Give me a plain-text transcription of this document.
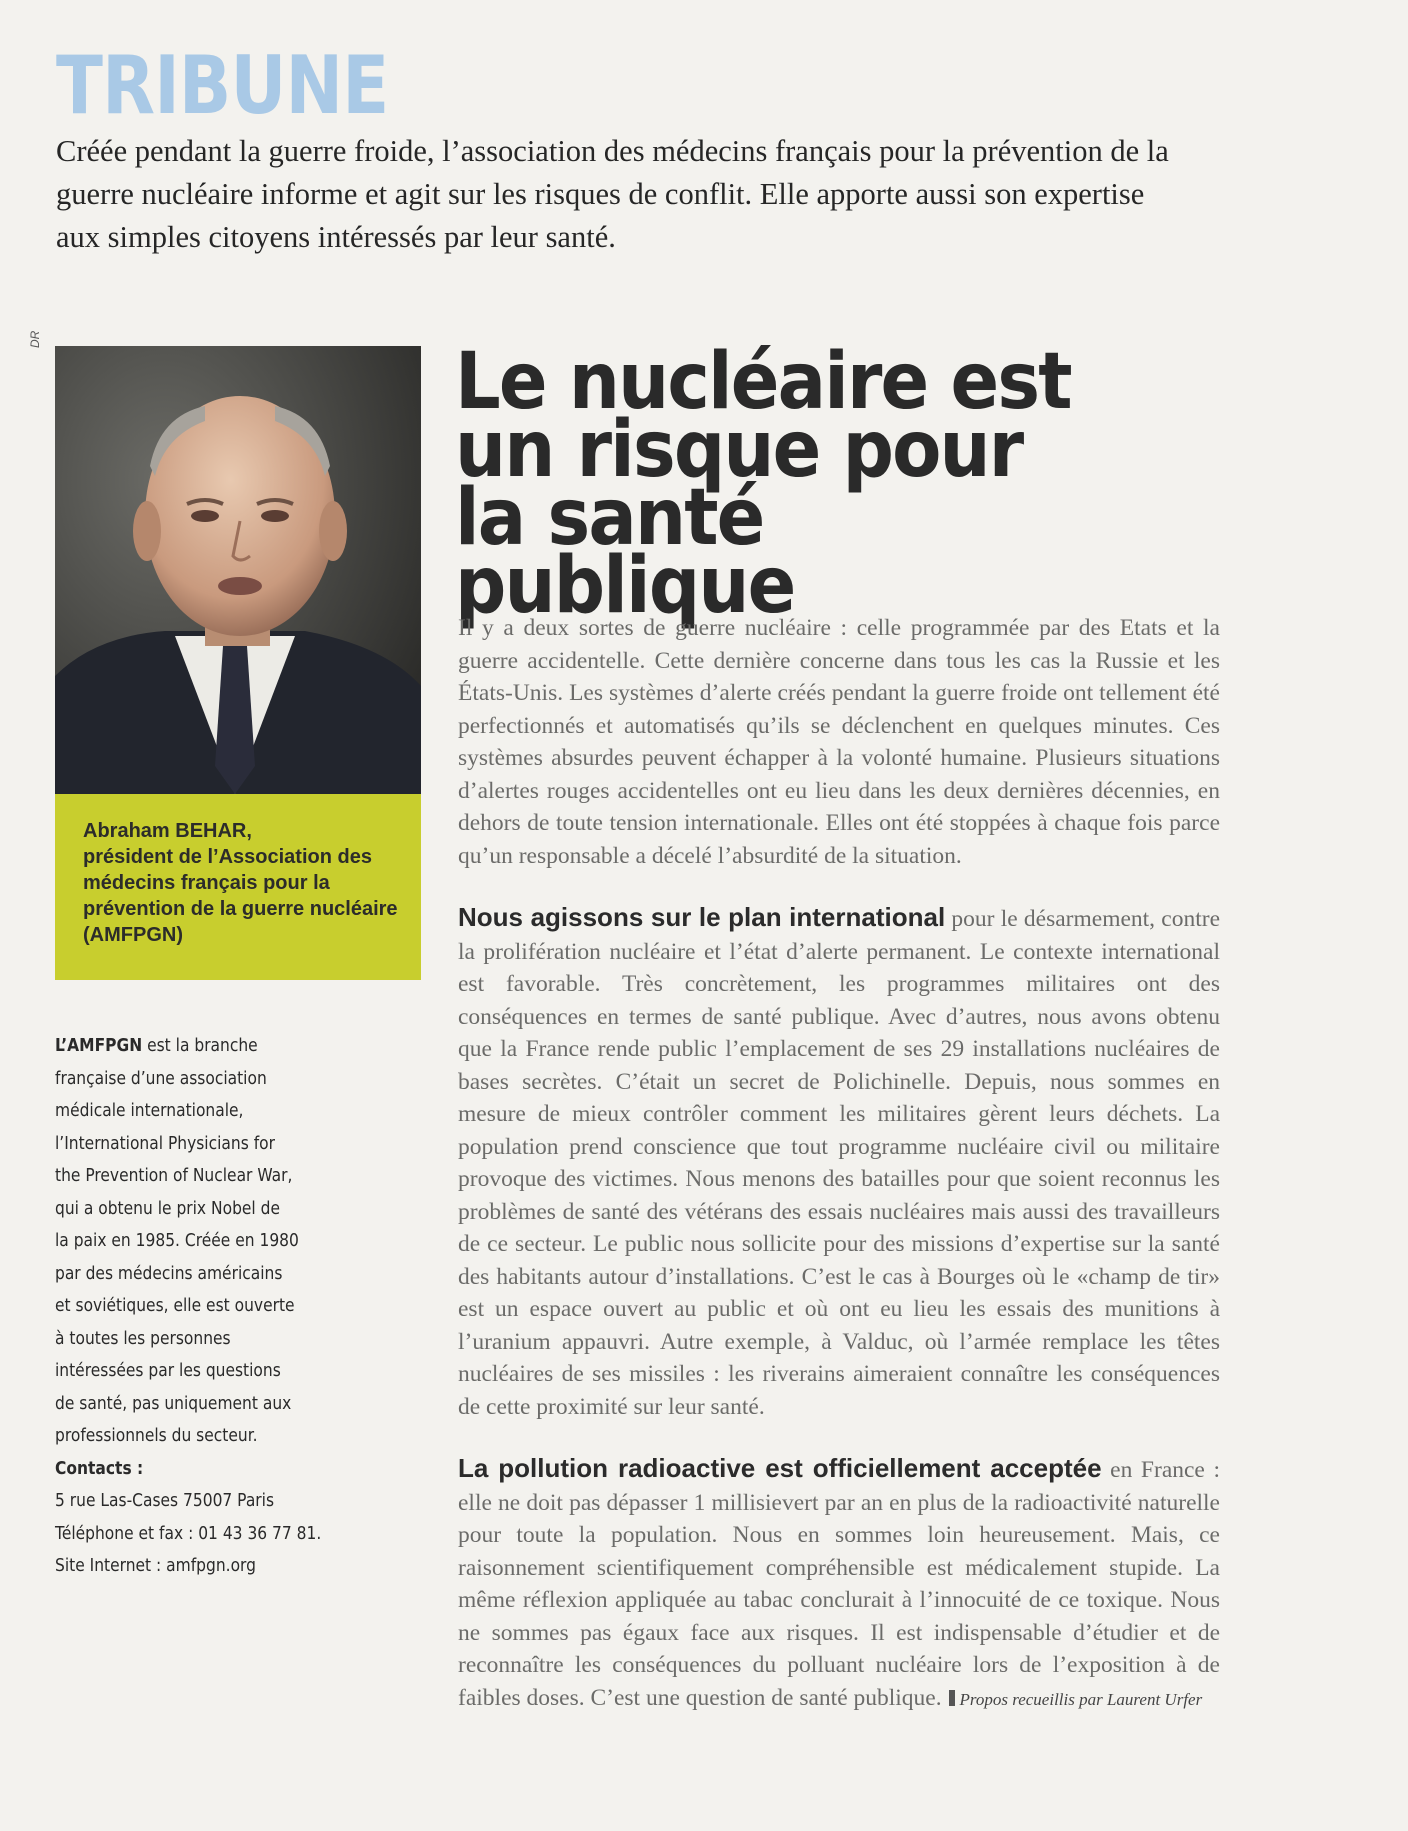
TRIBUNE

Créée pendant la guerre froide, l’association des médecins français pour la prévention de la guerre nucléaire informe et agit sur les risques de conflit. Elle apporte aussi son expertise aux simples citoyens intéressés par leur santé.

DR
Abraham BEHAR,
président de l’Association des médecins français pour la prévention de la guerre nucléaire (AMFPGN)
L’AMFPGN est la branche
française d’une association
médicale internationale,
l’International Physicians for
the Prevention of Nuclear War,
qui a obtenu le prix Nobel de
la paix en 1985. Créée en 1980
par des médecins américains
et soviétiques, elle est ouverte
à toutes les personnes
intéressées par les questions
de santé, pas uniquement aux
professionnels du secteur.
Contacts :
5 rue Las-Cases 75007 Paris
Téléphone et fax : 01 43 36 77 81.
Site Internet : amfpgn.org
Le nucléaire est
un risque pour
la santé publique

Il y a deux sortes de guerre nucléaire : celle programmée par des Etats et la guerre accidentelle. Cette dernière concerne dans tous les cas la Russie et les États-Unis. Les systèmes d’alerte créés pendant la guerre froide ont tellement été perfectionnés et automatisés qu’ils se déclenchent en quelques minutes. Ces systèmes absurdes peuvent échapper à la volonté humaine. Plusieurs situations d’alertes rouges accidentelles ont eu lieu dans les deux dernières décennies, en dehors de toute tension internationale. Elles ont été stoppées à chaque fois parce qu’un responsable a décelé l’absurdité de la situation.

Nous agissons sur le plan international pour le désarmement, contre la prolifération nucléaire et l’état d’alerte permanent. Le contexte international est favorable. Très concrètement, les programmes militaires ont des conséquences en termes de santé publique. Avec d’autres, nous avons obtenu que la France rende public l’emplacement de ses 29 installations nucléaires de bases secrètes. C’était un secret de Polichinelle. Depuis, nous sommes en mesure de mieux contrôler comment les militaires gèrent leurs déchets. La population prend conscience que tout programme nucléaire civil ou militaire provoque des victimes. Nous menons des batailles pour que soient reconnus les problèmes de santé des vétérans des essais nucléaires mais aussi des travailleurs de ce secteur. Le public nous sollicite pour des missions d’expertise sur la santé des habitants autour d’installations. C’est le cas à Bourges où le «champ de tir» est un espace ouvert au public et où ont eu lieu les essais des munitions à l’uranium appauvri. Autre exemple, à Valduc, où l’armée remplace les têtes nucléaires de ses missiles : les riverains aimeraient connaître les conséquences de cette proximité sur leur santé.

La pollution radioactive est officiellement acceptée en France : elle ne doit pas dépasser 1 millisievert par an en plus de la radioactivité naturelle pour toute la population. Nous en sommes loin heureusement. Mais, ce raisonnement scientifiquement compréhensible est médicalement stupide. La même réflexion appliquée au tabac conclurait à l’innocuité de ce toxique. Nous ne sommes pas égaux face aux risques. Il est indispensable d’étudier et de reconnaître les conséquences du polluant nucléaire lors de l’exposition à de faibles doses. C’est une question de santé publique. Propos recueillis par Laurent Urfer
